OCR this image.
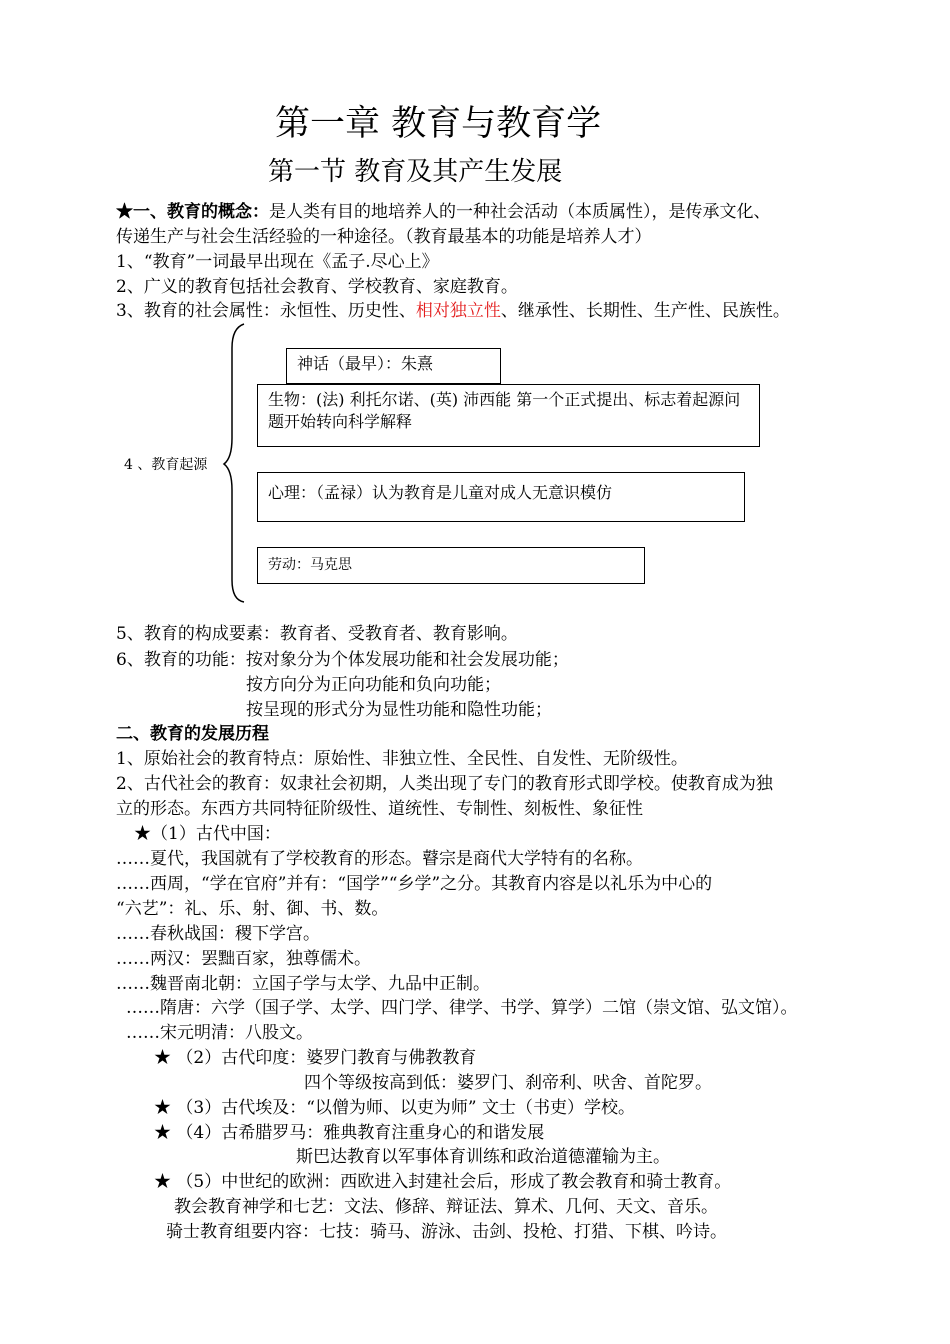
第一章 教育与教育学
第一节 教育及其产生发展
★一、教育的概念：是人类有目的地培养人的一种社会活动（本质属性），是传承文化、
传递生产与社会生活经验的一种途径。（教育最基本的功能是培养人才）
1、“教育”一词最早出现在《孟子.尽心上》
2、广义的教育包括社会教育、学校教育、家庭教育。
3、教育的社会属性：永恒性、历史性、相对独立性、继承性、长期性、生产性、民族性。
4 、教育起源
神话（最早）：朱熹
生物：(法) 利托尔诺、(英) 沛西能 第一个正式提出、标志着起源问题开始转向科学解释
心理：（孟禄）认为教育是儿童对成人无意识模仿
劳动：马克思
5、教育的构成要素：教育者、受教育者、教育影响。
6、教育的功能：按对象分为个体发展功能和社会发展功能；
按方向分为正向功能和负向功能；
按呈现的形式分为显性功能和隐性功能；
二、教育的发展历程
1、原始社会的教育特点：原始性、非独立性、全民性、自发性、无阶级性。
2、古代社会的教育：奴隶社会初期，人类出现了专门的教育形式即学校。使教育成为独
立的形态。东西方共同特征阶级性、道统性、专制性、刻板性、象征性
★（1）古代中国：
……夏代，我国就有了学校教育的形态。瞽宗是商代大学特有的名称。
……西周，“学在官府”并有：“国学”“乡学”之分。其教育内容是以礼乐为中心的
“六艺”：礼、乐、射、御、书、数。
……春秋战国：稷下学宫。
……两汉：罢黜百家，独尊儒术。
……魏晋南北朝：立国子学与太学、九品中正制。
……隋唐：六学（国子学、太学、四门学、律学、书学、算学）二馆（崇文馆、弘文馆）。
……宋元明清：八股文。
★ （2）古代印度：婆罗门教育与佛教教育
四个等级按高到低：婆罗门、刹帝利、吠舍、首陀罗。
★ （3）古代埃及：“以僧为师、以吏为师” 文士（书吏）学校。
★ （4）古希腊罗马：雅典教育注重身心的和谐发展
斯巴达教育以军事体育训练和政治道德灌输为主。
★ （5）中世纪的欧洲：西欧进入封建社会后，形成了教会教育和骑士教育。
教会教育神学和七艺：文法、修辞、辩证法、算术、几何、天文、音乐。
骑士教育组要内容：七技：骑马、游泳、击剑、投枪、打猎、下棋、吟诗。
